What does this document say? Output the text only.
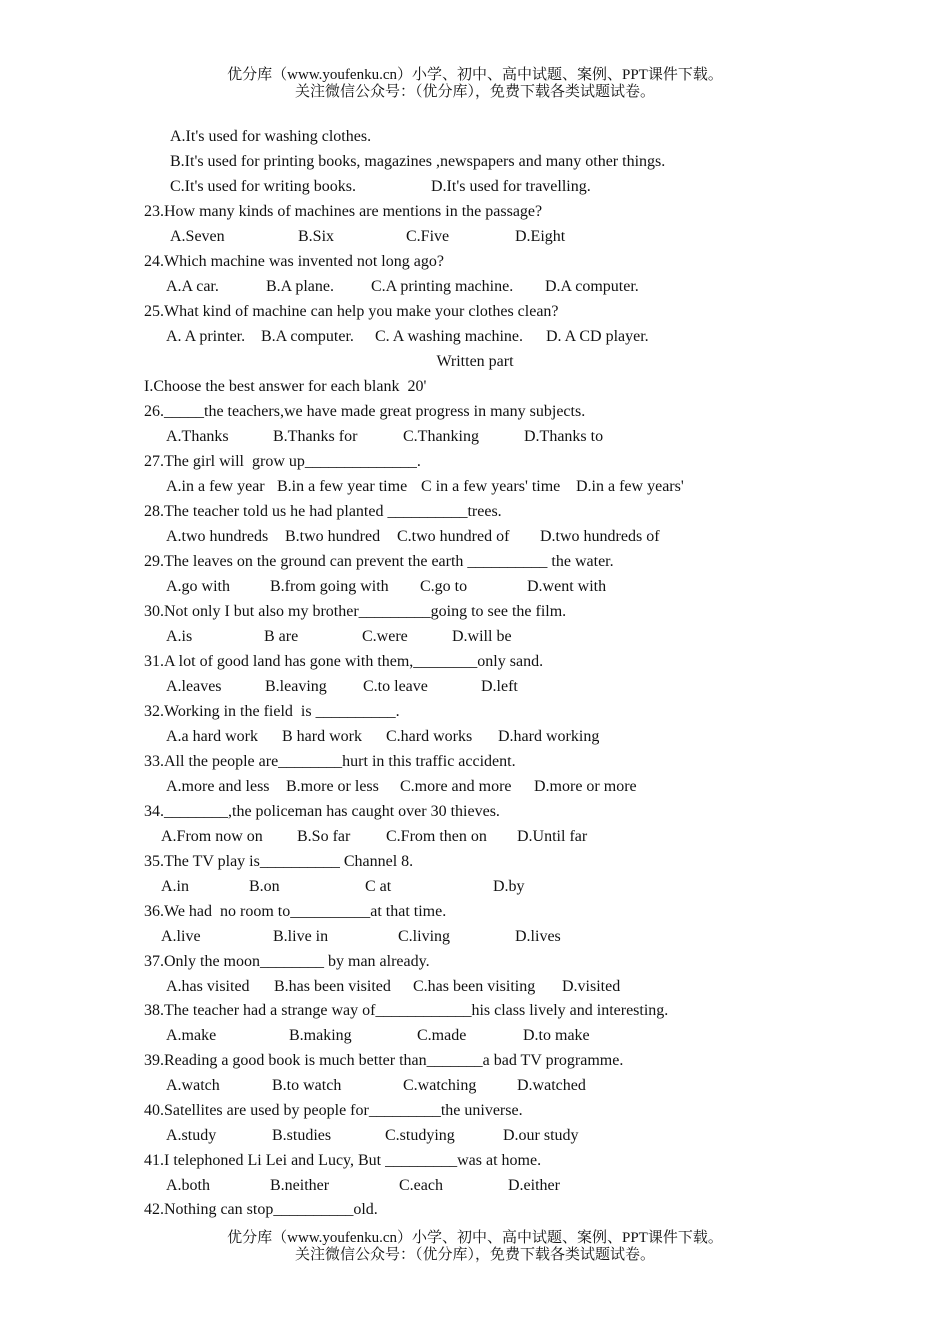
优分库（www.youfenku.cn）小学、初中、高中试题、案例、PPT课件下载。
关注微信公众号：（优分库），免费下载各类试题试卷。
A.It's used for washing clothes.
B.It's used for printing books, magazines ,newspapers and many other things.

C.It's used for writing books.

	D.It's used for travelling.

23.How many kinds of machines are mentions in the passage?

A.Seven

	B.Six

	C.Five

	D.Eight

24.Which machine was invented not long ago?

A.A car.

	B.A plane.

C.A printing machine.

D.A computer.

25.What kind of machine can help you make your clothes clean?

A. A printer.

B.A computer.

C. A washing machine.

D. A CD player.

Written part
I.Choose the best answer for each blank  20'
26._____the teachers,we have made great progress in many subjects.

A.Thanks

	B.Thanks for

	C.Thanking

	D.Thanks to

27.The girl will  grow up______________.

A.in a few year

B.in a few year time

C in a few years' time

D.in a few years'

28.The teacher told us he had planted __________trees.

A.two hundreds

B.two hundred

C.two hundred of

D.two hundreds of

29.The leaves on the ground can prevent the earth __________ the water.

A.go with

	B.from going with

C.go to

	D.went with

30.Not only I but also my brother_________going to see the film.

A.is

	B are

	C.were

	D.will be

31.A lot of good land has gone with them,________only sand.

A.leaves

	B.leaving

C.to leave

	D.left

32.Working in the field  is __________.

A.a hard work

B hard work

C.hard works

D.hard working

33.All the people are________hurt in this traffic accident.

A.more and less

B.more or less

C.more and more

D.more or more

34.________,the policeman has caught over 30 thieves.

A.From now on

B.So far

C.From then on

D.Until far

35.The TV play is__________ Channel 8.

A.in

	B.on

	C at

	D.by

36.We had  no room to__________at that time.

A.live

	B.live in

	C.living

	D.lives

37.Only the moon________ by man already.

A.has visited

B.has been visited

C.has been visiting

D.visited

38.The teacher had a strange way of____________his class lively and interesting.

A.make

	B.making

	C.made

	D.to make

39.Reading a good book is much better than_______a bad TV programme.

A.watch

	B.to watch

	C.watching

	D.watched

40.Satellites are used by people for_________the universe.

A.study

	B.studies

	C.studying

	D.our study

41.I telephoned Li Lei and Lucy, But _________was at home.

A.both

	B.neither

	C.each

	D.either

42.Nothing can stop__________old.
优分库（www.youfenku.cn）小学、初中、高中试题、案例、PPT课件下载。
关注微信公众号：（优分库），免费下载各类试题试卷。
